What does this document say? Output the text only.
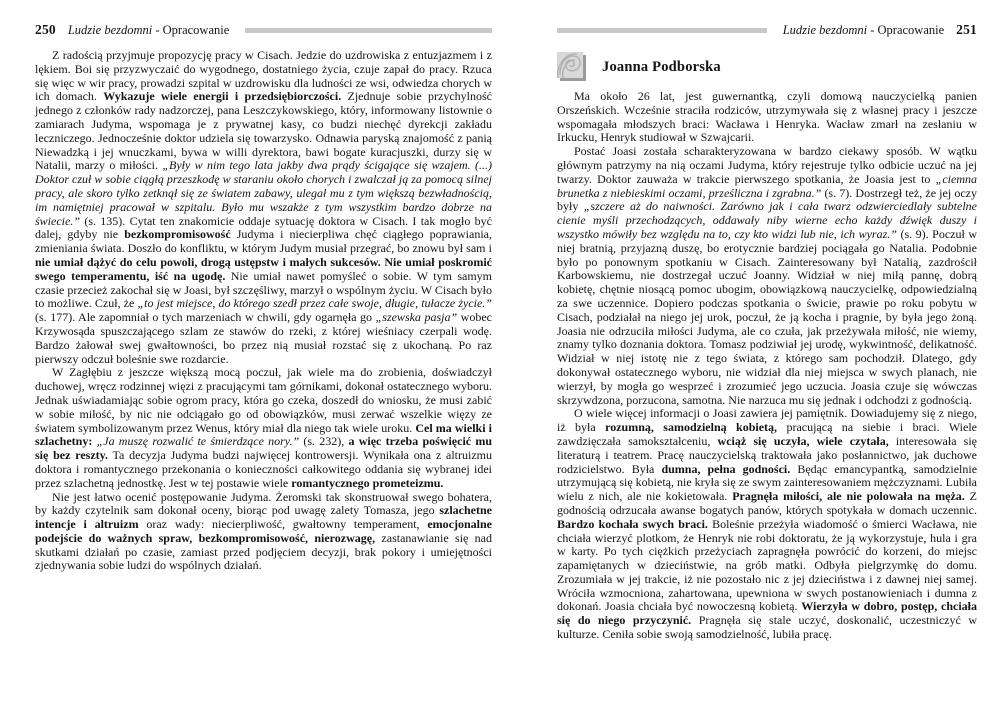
250 Ludzie bezdomni - Opracowanie

Z radością przyjmuje propozycję pracy w Cisach. Jedzie do uzdrowiska z entuzjazmem i z lękiem. Boi się przyzwyczaić do wygodnego, dostatniego życia, czuje zapał do pracy. Rzuca się więc w wir pracy, prowadzi szpital w uzdrowisku dla ludności ze wsi, odwiedza chorych w ich domach. Wykazuje wiele energii i przedsiębiorczości. Zjednuje sobie przychylność jednego z członków rady nadzorczej, pana Leszczykowskiego, który, informowany listownie o zamiarach Judyma, wspomaga je z prywatnej kasy, co budzi niechęć dyrekcji zakładu leczniczego. Jednocześnie doktor udziela się towarzysko. Odnawia paryską znajomość z panią Niewadzką i jej wnuczkami, bywa w willi dyrektora, bawi bogate kuracjuszki, durzy się w Natalii, marzy o miłości. „Były w nim tego lata jakby dwa prądy ścigające się wzajem. (...) Doktor czuł w sobie ciągłą przeszkodę w staraniu około chorych i zwalczał ją za pomocą silnej pracy, ale skoro tylko zetknął się ze światem zabawy, ulegał mu z tym większą bezwładnością, im namiętniej pracował w szpitalu. Było mu wszakże z tym wszystkim bardzo dobrze na świecie.” (s. 135). Cytat ten znakomicie oddaje sytuację doktora w Cisach. I tak mogło być dalej, gdyby nie bezkompromisowość Judyma i niecierpliwa chęć ciągłego poprawiania, zmieniania świata. Doszło do konfliktu, w którym Judym musiał przegrać, bo znowu był sam i nie umiał dążyć do celu powoli, drogą ustępstw i małych sukcesów. Nie umiał poskromić swego temperamentu, iść na ugodę. Nie umiał nawet pomyśleć o sobie. W tym samym czasie przecież zakochał się w Joasi, był szczęśliwy, marzył o wspólnym życiu. W Cisach było to możliwe. Czuł, że „to jest miejsce, do którego szedł przez całe swoje, długie, tułacze życie.” (s. 177). Ale zapomniał o tych marzeniach w chwili, gdy ogarnęła go „szewska pasja” wobec Krzywosąda spuszczającego szlam ze stawów do rzeki, z której wieśniacy czerpali wodę. Bardzo żałował swej gwałtowności, bo przez nią musiał rozstać się z ukochaną. Po raz pierwszy odczuł boleśnie swe rozdarcie.

W Zagłębiu z jeszcze większą mocą poczuł, jak wiele ma do zrobienia, doświadczył duchowej, wręcz rodzinnej więzi z pracującymi tam górnikami, dokonał ostatecznego wyboru. Jednak uświadamiając sobie ogrom pracy, która go czeka, doszedł do wniosku, że musi zabić w sobie miłość, by nic nie odciągało go od obowiązków, musi zerwać wszelkie więzy ze światem symbolizowanym przez Wenus, który miał dla niego tak wiele uroku. Cel ma wielki i szlachetny: „Ja muszę rozwalić te śmierdzące nory.” (s. 232), a więc trzeba poświęcić mu się bez reszty. Ta decyzja Judyma budzi najwięcej kontrowersji. Wynikała ona z altruizmu doktora i romantycznego przekonania o konieczności całkowitego oddania się wybranej idei przez szlachetną jednostkę. Jest w tej postawie wiele romantycznego prometeizmu.

Nie jest łatwo ocenić postępowanie Judyma. Żeromski tak skonstruował swego bohatera, by każdy czytelnik sam dokonał oceny, biorąc pod uwagę zalety Tomasza, jego szlachetne intencje i altruizm oraz wady: niecierpliwość, gwałtowny temperament, emocjonalne podejście do ważnych spraw, bezkompromisowość, nierozwagę, zastanawianie się nad skutkami działań po czasie, zamiast przed podjęciem decyzji, brak pokory i umiejętności zjednywania sobie ludzi do wspólnych działań.

Ludzie bezdomni - Opracowanie 251
Joanna Podborska

Ma około 26 lat, jest guwernantką, czyli domową nauczycielką panien Orszeńskich. Wcześnie straciła rodziców, utrzymywała się z własnej pracy i jeszcze wspomagała młodszych braci: Wacława i Henryka. Wacław zmarł na zesłaniu w Irkucku, Henryk studiował w Szwajcarii.

Postać Joasi została scharakteryzowana w bardzo ciekawy sposób. W wątku głównym patrzymy na nią oczami Judyma, który rejestruje tylko odbicie uczuć na jej twarzy. Doktor zauważa w trakcie pierwszego spotkania, że Joasia jest to „ciemna brunetka z niebieskimi oczami, prześliczna i zgrabna.” (s. 7). Dostrzegł też, że jej oczy były „szczere aż do naiwności. Zarówno jak i cała twarz odzwierciedlały subtelne cienie myśli przechodzących, oddawały niby wierne echo każdy dźwięk duszy i wszystko mówiły bez względu na to, czy kto widzi lub nie, ich wyraz.” (s. 9). Poczuł w niej bratnią, przyjazną duszę, bo erotycznie bardziej pociągała go Natalia. Podobnie było po ponownym spotkaniu w Cisach. Zainteresowany był Natalią, zazdrościł Karbowskiemu, nie dostrzegał uczuć Joanny. Widział w niej miłą pannę, dobrą kobietę, chętnie niosącą pomoc ubogim, obowiązkową nauczycielkę, odpowiedzialną za swe uczennice. Dopiero podczas spotkania o świcie, prawie po roku pobytu w Cisach, podziałał na niego jej urok, poczuł, że ją kocha i pragnie, by była jego żoną. Joasia nie odrzuciła miłości Judyma, ale co czuła, jak przeżywała miłość, nie wiemy, znamy tylko doznania doktora. Tomasz podziwiał jej urodę, wykwintność, delikatność. Widział w niej istotę nie z tego świata, z którego sam pochodził. Dlatego, gdy dokonywał ostatecznego wyboru, nie widział dla niej miejsca w swych planach, nie wierzył, by mogła go wesprzeć i zrozumieć jego uczucia. Joasia czuje się wówczas skrzywdzona, porzucona, samotna. Nie narzuca mu się jednak i odchodzi z godnością.

O wiele więcej informacji o Joasi zawiera jej pamiętnik. Dowiadujemy się z niego, iż była rozumną, samodzielną kobietą, pracującą na siebie i braci. Wiele zawdzięczała samokształceniu, wciąż się uczyła, wiele czytała, interesowała się literaturą i teatrem. Pracę nauczycielską traktowała jako posłannictwo, jak duchowe rodzicielstwo. Była dumna, pełna godności. Będąc emancypantką, samodzielnie utrzymującą się kobietą, nie kryła się ze swym zainteresowaniem mężczyznami. Lubiła wielu z nich, ale nie kokietowała. Pragnęła miłości, ale nie polowała na męża. Z godnością odrzucała awanse bogatych panów, których spotykała w domach uczennic. Bardzo kochała swych braci. Boleśnie przeżyła wiadomość o śmierci Wacława, nie chciała wierzyć plotkom, że Henryk nie robi doktoratu, że ją wykorzystuje, hula i gra w karty. Po tych ciężkich przeżyciach zapragnęła powrócić do korzeni, do miejsc zapamiętanych w dzieciństwie, na grób matki. Odbyła pielgrzymkę do domu. Zrozumiała w jej trakcie, iż nie pozostało nic z jej dzieciństwa i z dawnej niej samej. Wróciła wzmocniona, zahartowana, upewniona w swych postanowieniach i dumna z dokonań. Joasia chciała być nowoczesną kobietą. Wierzyła w dobro, postęp, chciała się do niego przyczynić. Pragnęła się stale uczyć, doskonalić, uczestniczyć w kulturze. Ceniła sobie swoją samodzielność, lubiła pracę.
